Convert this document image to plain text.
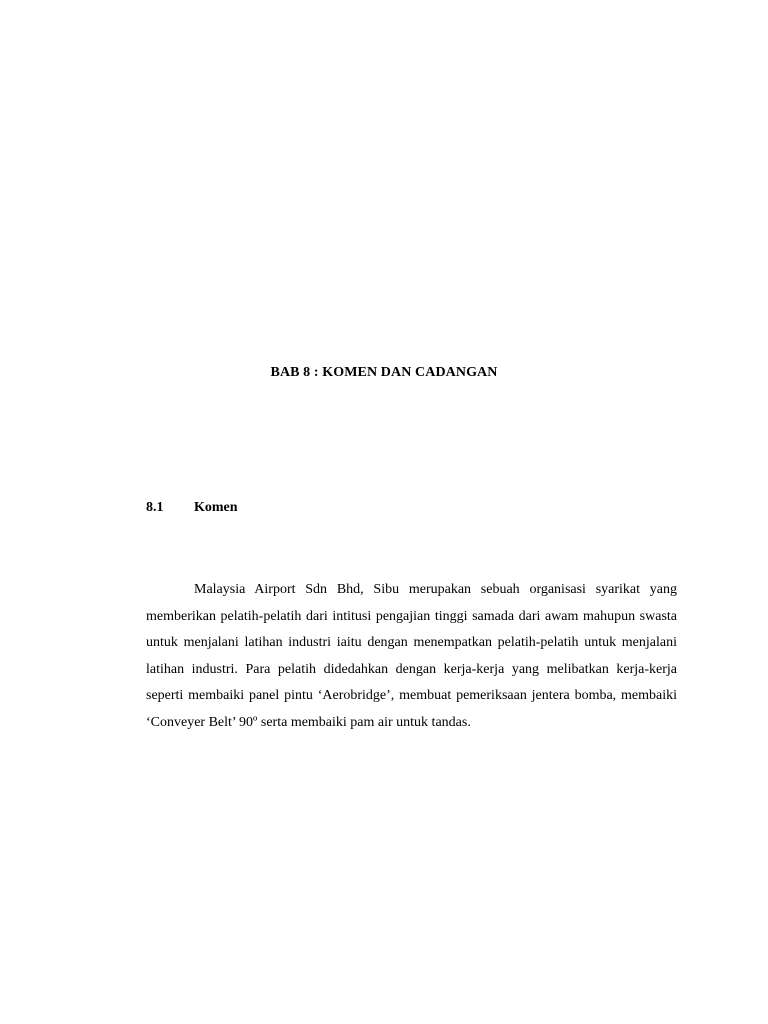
BAB 8 : KOMEN DAN CADANGAN
8.1	Komen

Malaysia Airport Sdn Bhd, Sibu merupakan sebuah organisasi syarikat yang memberikan pelatih-pelatih dari intitusi pengajian tinggi samada dari awam mahupun swasta untuk menjalani latihan industri iaitu dengan menempatkan pelatih-pelatih untuk menjalani latihan industri. Para pelatih didedahkan dengan kerja-kerja yang melibatkan kerja-kerja seperti membaiki panel pintu ‘Aerobridge’, membuat pemeriksaan jentera bomba, membaiki ‘Conveyer Belt’ 90º serta membaiki pam air untuk tandas.
